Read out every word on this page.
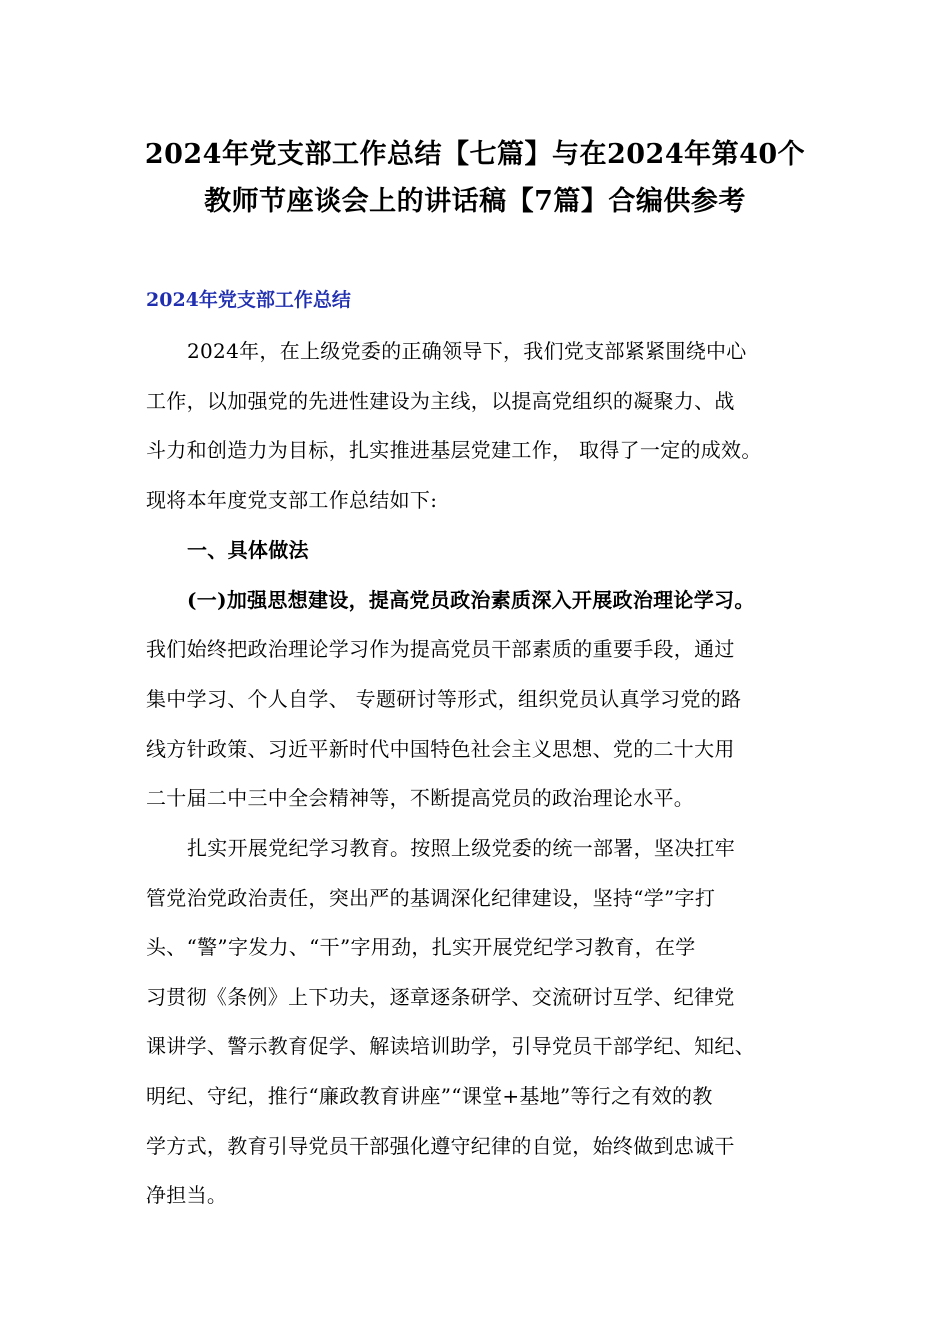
2024年党支部工作总结【七篇】与在2024年第40个
教师节座谈会上的讲话稿【7篇】合编供参考
2024年党支部工作总结
2024年，在上级党委的正确领导下，我们党支部紧紧围绕中心
工作，以加强党的先进性建设为主线，以提高党组织的凝聚力、战
斗力和创造力为目标，扎实推进基层党建工作， 取得了一定的成效。
现将本年度党支部工作总结如下:
一、具体做法
(一)加强思想建设，提高党员政治素质深入开展政治理论学习。
我们始终把政治理论学习作为提高党员干部素质的重要手段，通过
集中学习、个人自学、 专题研讨等形式，组织党员认真学习党的路
线方针政策、习近平新时代中国特色社会主义思想、党的二十大用
二十届二中三中全会精神等，不断提高党员的政治理论水平。
扎实开展党纪学习教育。按照上级党委的统一部署，坚决扛牢
管党治党政治责任，突出严的基调深化纪律建设，坚持“学”字打
头、“警”字发力、“干”字用劲，扎实开展党纪学习教育，在学
习贯彻《条例》上下功夫，逐章逐条研学、交流研讨互学、纪律党
课讲学、警示教育促学、解读培训助学，引导党员干部学纪、知纪、
明纪、守纪，推行“廉政教育讲座”“课堂+基地”等行之有效的教
学方式，教育引导党员干部强化遵守纪律的自觉，始终做到忠诚干
净担当。
